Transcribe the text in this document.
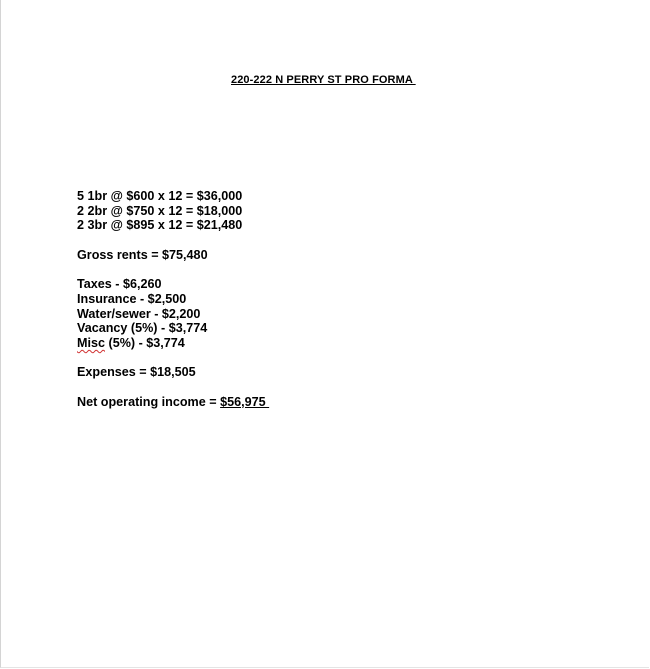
220-222 N PERRY ST PRO FORMA
5 1br @ $600 x 12 = $36,000
2 2br @ $750 x 12 = $18,000
2 3br @ $895 x 12 = $21,480
Gross rents = $75,480
Taxes - $6,260
Insurance - $2,500
Water/sewer - $2,200
Vacancy (5%) - $3,774
Misc (5%) - $3,774
Expenses = $18,505
Net operating income = $56,975
